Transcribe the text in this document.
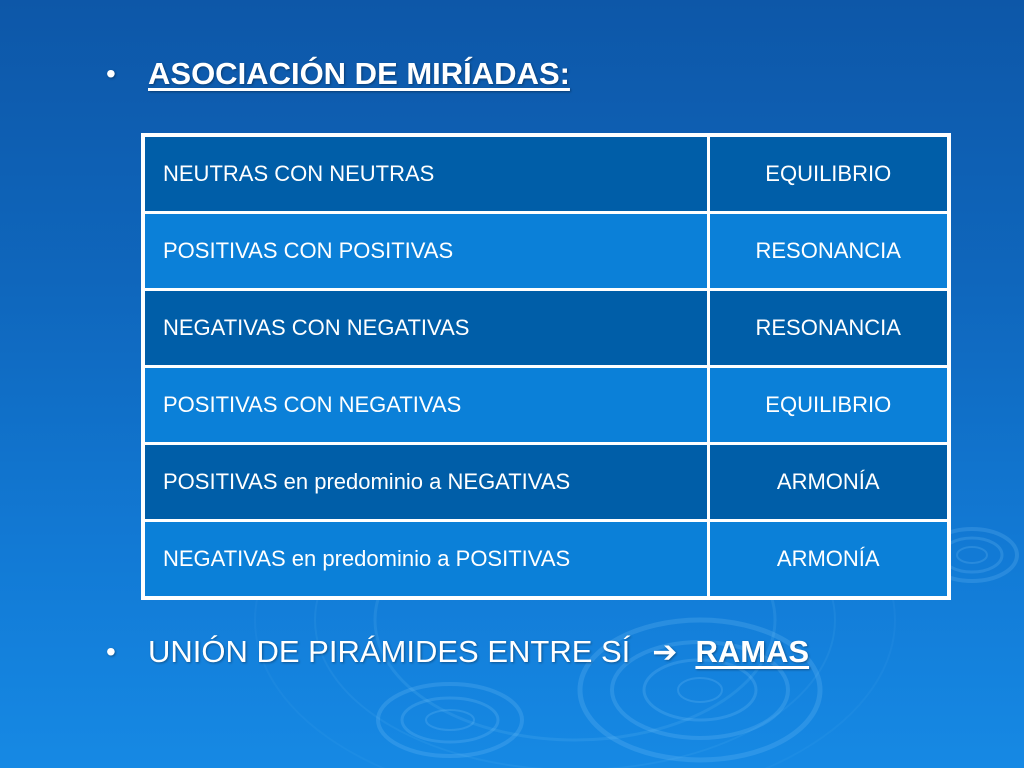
•	ASOCIACIÓN DE MIRÍADAS:
NEUTRAS CON NEUTRAS	EQUILIBRIO
POSITIVAS CON POSITIVAS	RESONANCIA
NEGATIVAS CON NEGATIVAS	RESONANCIA
POSITIVAS CON NEGATIVAS	EQUILIBRIO
POSITIVAS en predominio a NEGATIVAS	ARMONÍA
NEGATIVAS en predominio a POSITIVAS	ARMONÍA
•	UNIÓN DE PIRÁMIDES ENTRE SÍ ➔ RAMAS
